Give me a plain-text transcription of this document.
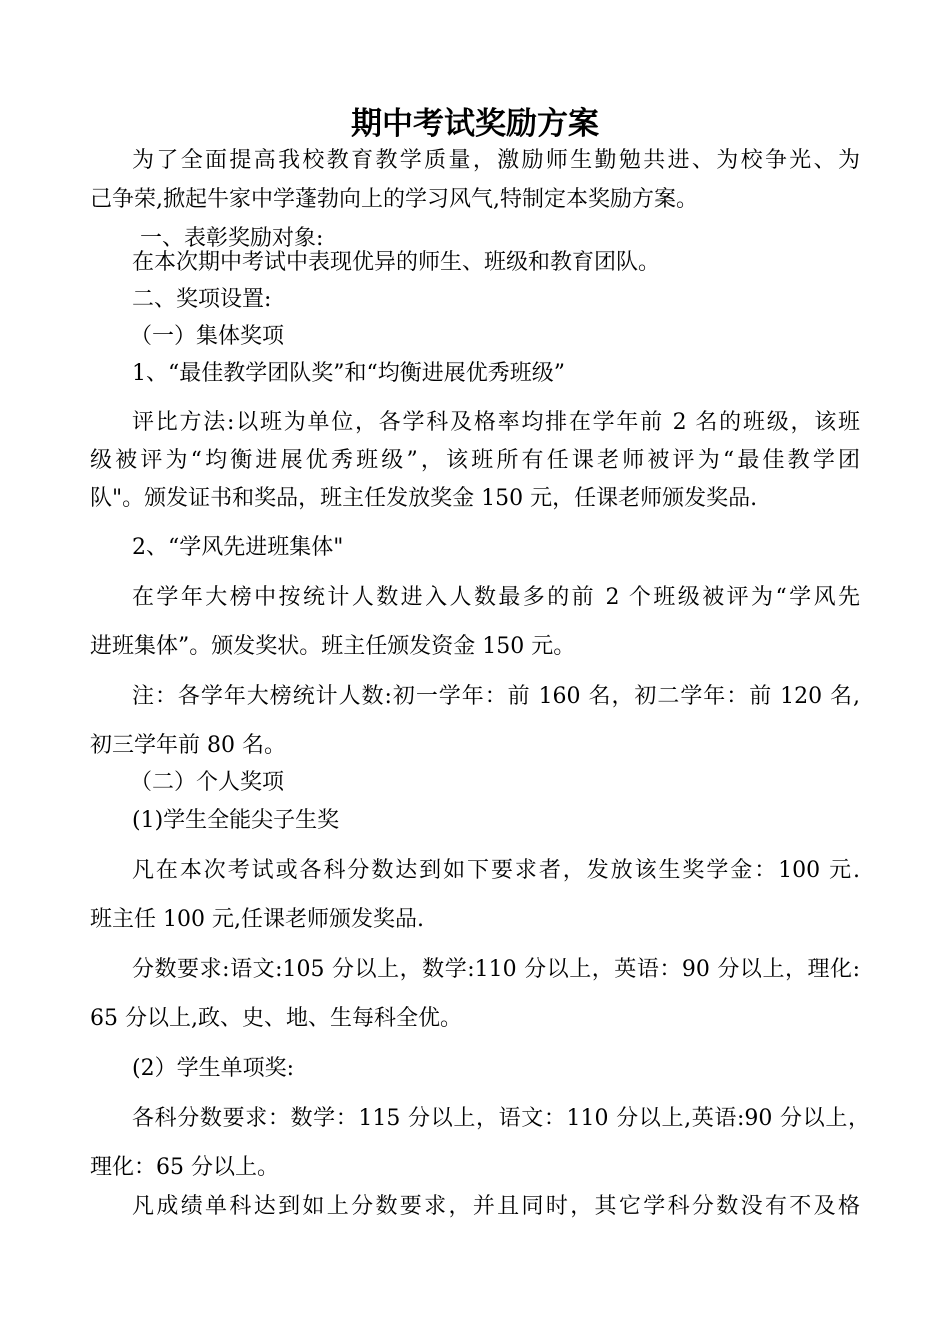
期中考试奖励方案
为了全面提高我校教育教学质量，激励师生勤勉共进、为校争光、为
己争荣,掀起牛家中学蓬勃向上的学习风气,特制定本奖励方案。
一、表彰奖励对象:
在本次期中考试中表现优异的师生、班级和教育团队。
二、奖项设置:
（一）集体奖项
1、“最佳教学团队奖”和“均衡进展优秀班级”
评比方法:以班为单位，各学科及格率均排在学年前 2 名的班级，该班
级被评为“均衡进展优秀班级”，该班所有任课老师被评为“最佳教学团
队"。颁发证书和奖品，班主任发放奖金 150 元，任课老师颁发奖品.
2、“学风先进班集体"
在学年大榜中按统计人数进入人数最多的前 2 个班级被评为“学风先
进班集体”。颁发奖状。班主任颁发资金 150 元。
注：各学年大榜统计人数:初一学年：前 160 名，初二学年：前 120 名,
初三学年前 80 名。
（二）个人奖项
(1)学生全能尖子生奖
凡在本次考试或各科分数达到如下要求者，发放该生奖学金：100 元.
班主任 100 元,任课老师颁发奖品.
分数要求:语文:105 分以上，数学:110 分以上，英语：90 分以上，理化:
65 分以上,政、史、地、生每科全优。
(2）学生单项奖:
各科分数要求：数学：115 分以上，语文：110 分以上,英语:90 分以上，
理化：65 分以上。
凡成绩单科达到如上分数要求，并且同时，其它学科分数没有不及格
